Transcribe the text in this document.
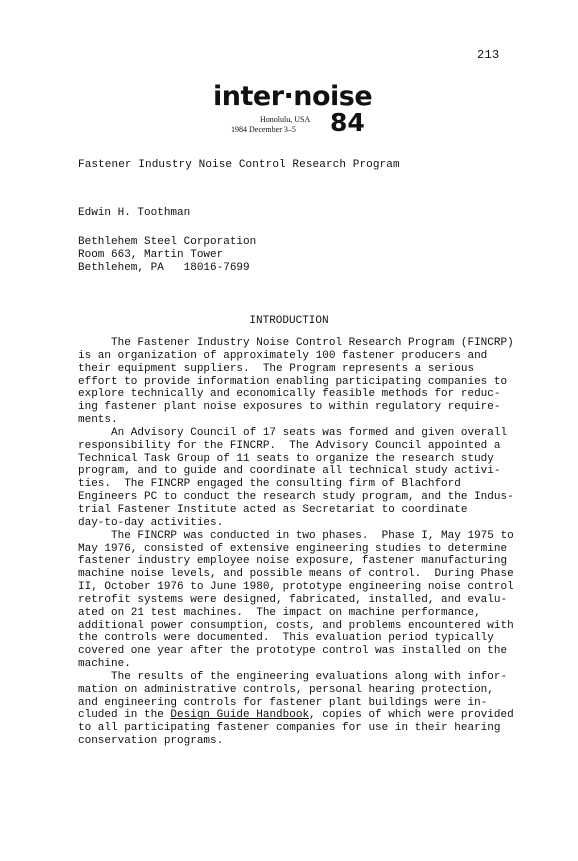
213
inter·noise
Honolulu, USA
1984 December 3–5 84
Fastener Industry Noise Control Research Program
Edwin H. Toothman
Bethlehem Steel Corporation
Room 663, Martin Tower
Bethlehem, PA   18016-7699
INTRODUCTION
The Fastener Industry Noise Control Research Program (FINCRP)
is an organization of approximately 100 fastener producers and
their equipment suppliers.  The Program represents a serious
effort to provide information enabling participating companies to
explore technically and economically feasible methods for reduc-
ing fastener plant noise exposures to within regulatory require-
ments.
An Advisory Council of 17 seats was formed and given overall
responsibility for the FINCRP.  The Advisory Council appointed a
Technical Task Group of 11 seats to organize the research study
program, and to guide and coordinate all technical study activi-
ties.  The FINCRP engaged the consulting firm of Blachford
Engineers PC to conduct the research study program, and the Indus-
trial Fastener Institute acted as Secretariat to coordinate
day-to-day activities.
The FINCRP was conducted in two phases.  Phase I, May 1975 to
May 1976, consisted of extensive engineering studies to determine
fastener industry employee noise exposure, fastener manufacturing
machine noise levels, and possible means of control.  During Phase
II, October 1976 to June 1980, prototype engineering noise control
retrofit systems were designed, fabricated, installed, and evalu-
ated on 21 test machines.  The impact on machine performance,
additional power consumption, costs, and problems encountered with
the controls were documented.  This evaluation period typically
covered one year after the prototype control was installed on the
machine.
The results of the engineering evaluations along with infor-
mation on administrative controls, personal hearing protection,
and engineering controls for fastener plant buildings were in-
cluded in the Design Guide Handbook, copies of which were provided
to all participating fastener companies for use in their hearing
conservation programs.
